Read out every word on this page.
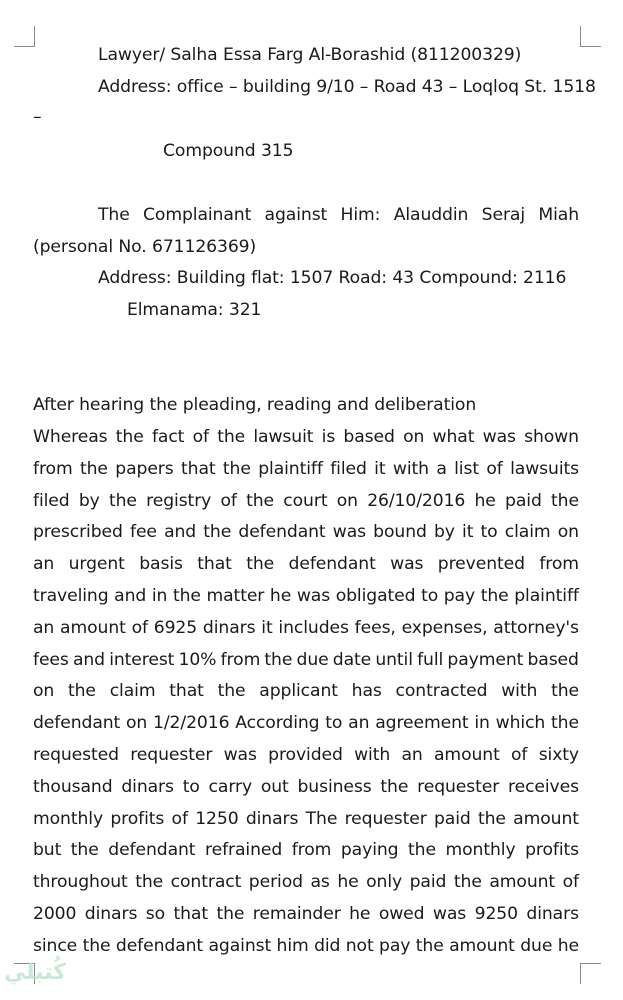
Lawyer/ Salha Essa Farg Al-Borashid (811200329)
Address: office – building 9/10 – Road 43 – Loqloq St. 1518
–
Compound 315
The Complainant against Him: Alauddin Seraj Miah
(personal No. 671126369)
Address: Building flat: 1507 Road: 43 Compound: 2116
Elmanama: 321
After hearing the pleading, reading and deliberation
Whereas the fact of the lawsuit is based on what was shown
from the papers that the plaintiff filed it with a list of lawsuits
filed by the registry of the court on 26/10/2016 he paid the
prescribed fee and the defendant was bound by it to claim on
an urgent basis that the defendant was prevented from
traveling and in the matter he was obligated to pay the plaintiff
an amount of 6925 dinars it includes fees, expenses, attorney's
fees and interest 10% from the due date until full payment based
on the claim that the applicant has contracted with the
defendant on 1/2/2016 According to an agreement in which the
requested requester was provided with an amount of sixty
thousand dinars to carry out business the requester receives
monthly profits of 1250 dinars The requester paid the amount
but the defendant refrained from paying the monthly profits
throughout the contract period as he only paid the amount of
2000 dinars so that the remainder he owed was 9250 dinars
since the defendant against him did not pay the amount due he
كُتبلي
